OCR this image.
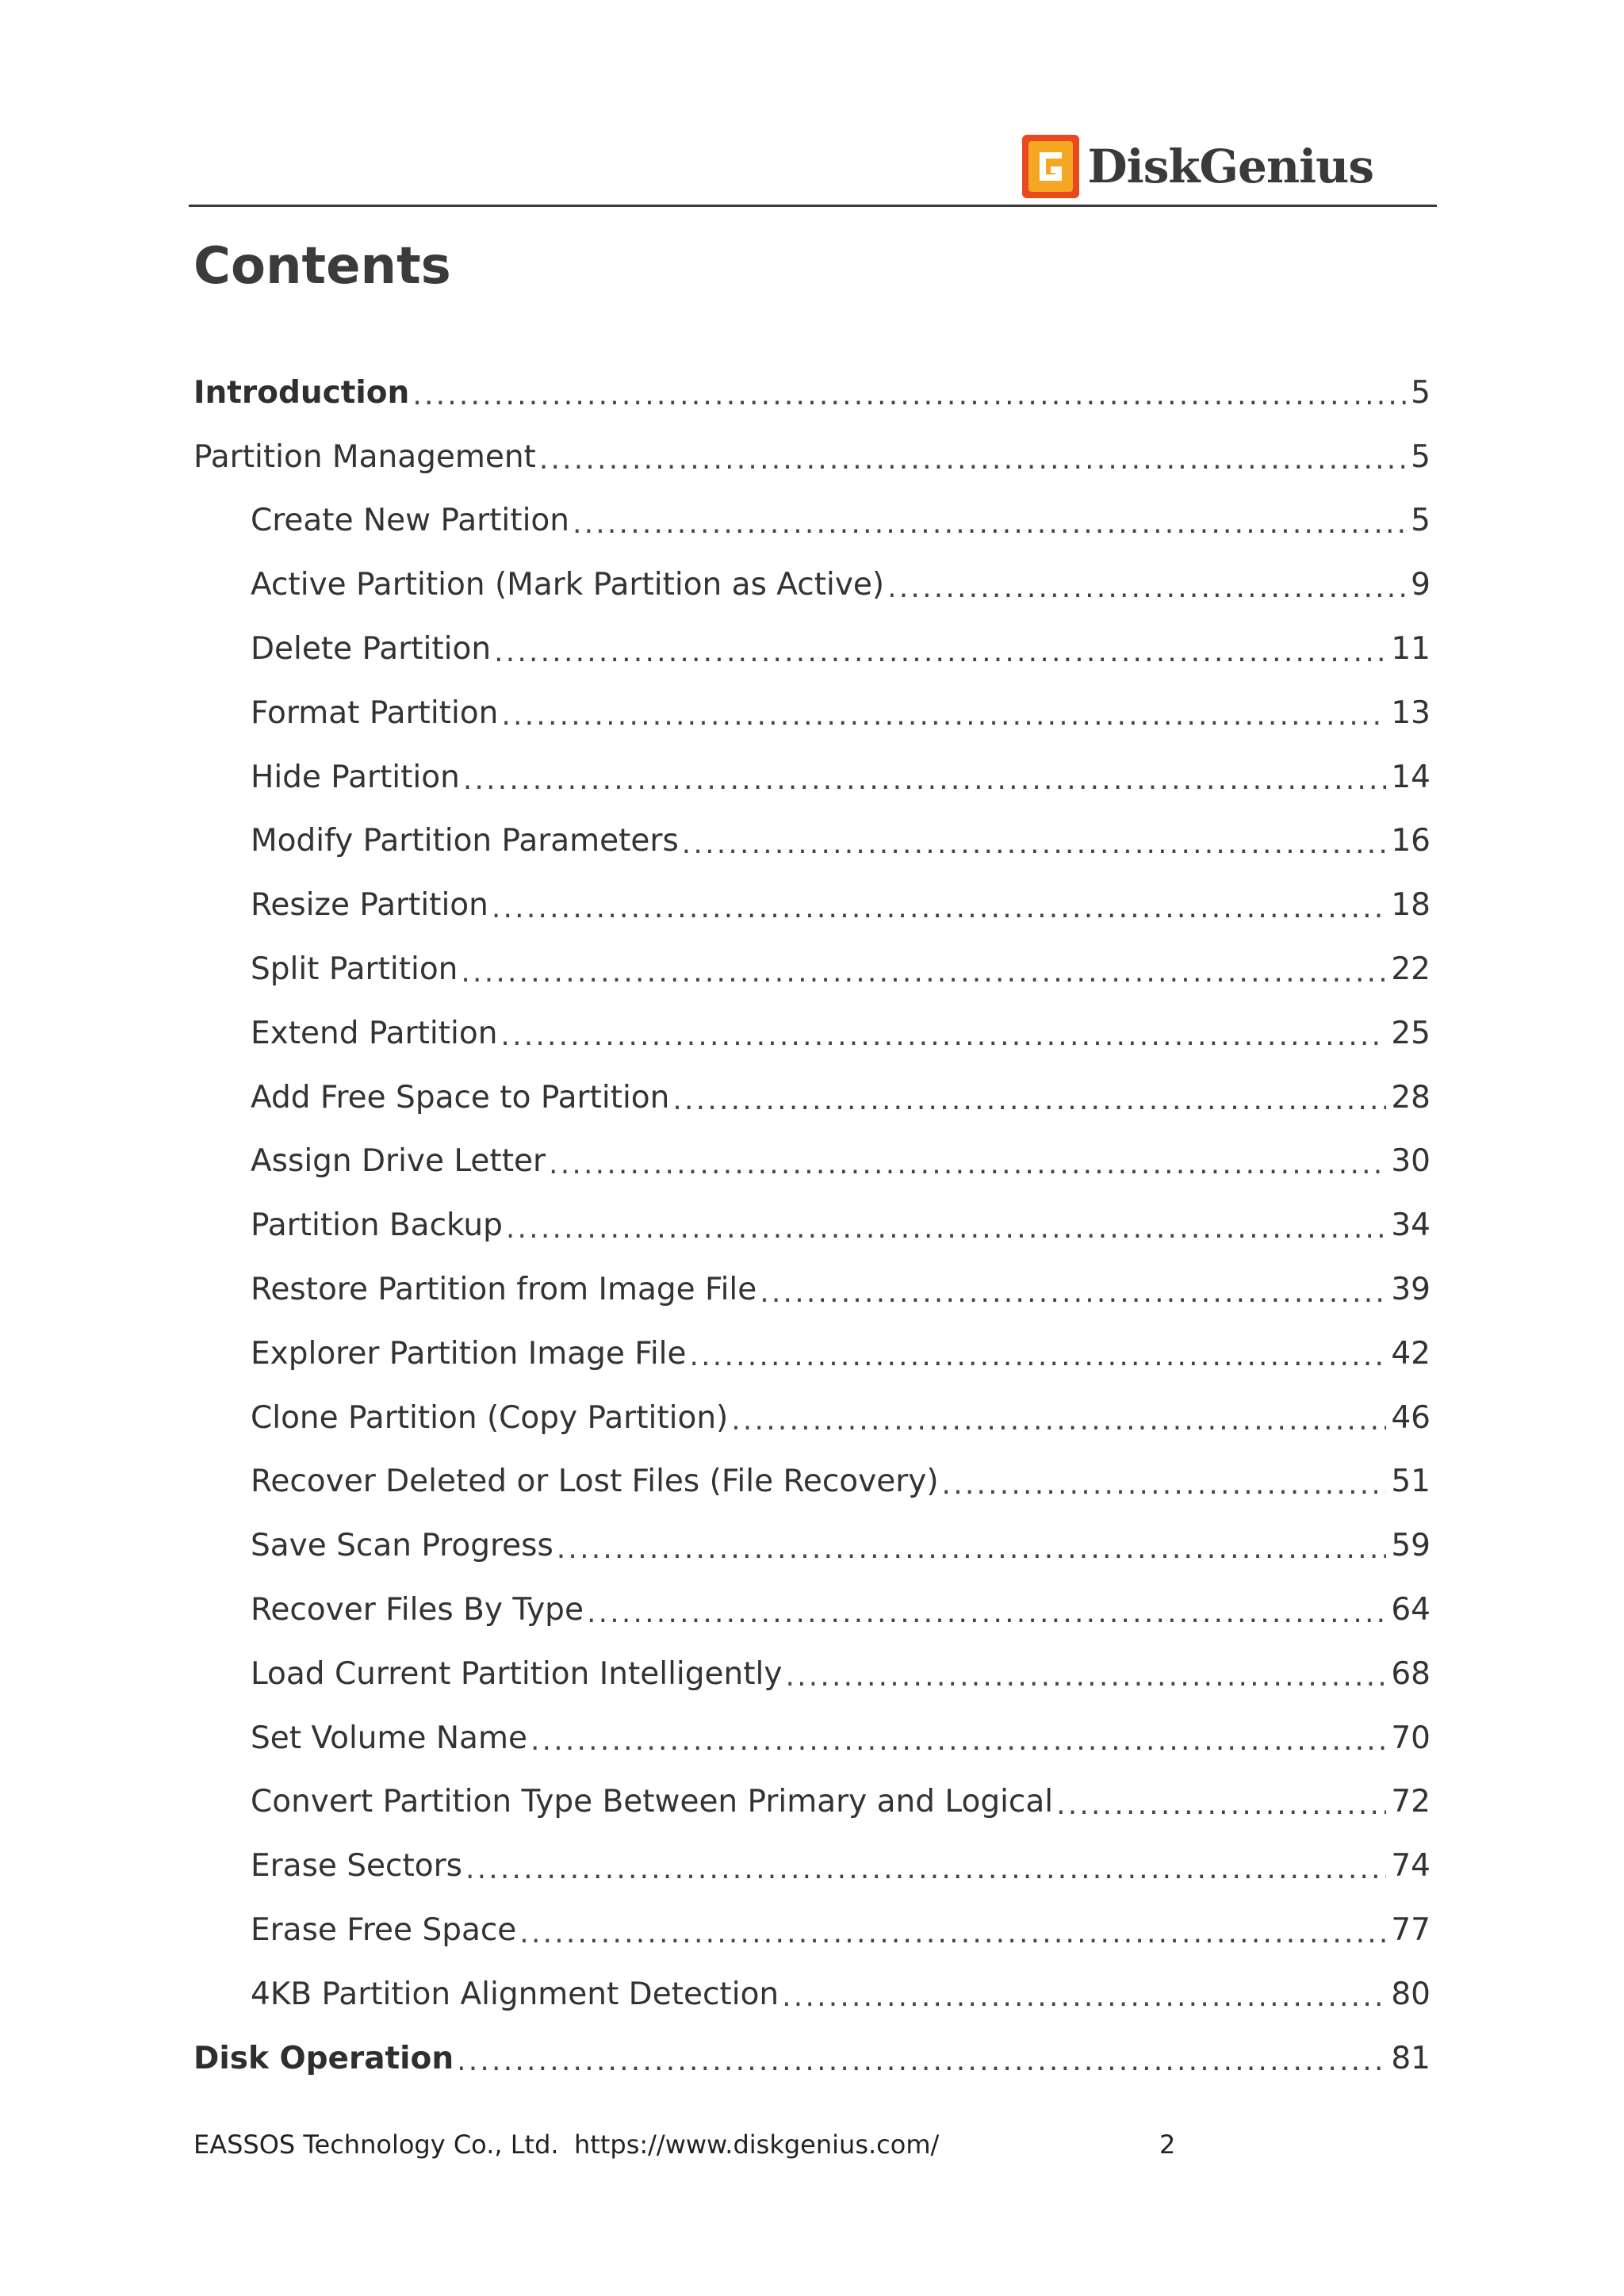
DiskGenius
Contents
Introduction .....	5
Partition Management .....	5
Create New Partition .....	5
Active Partition (Mark Partition as Active) .....	9
Delete Partition .....	11
Format Partition .....	13
Hide Partition .....	14
Modify Partition Parameters .....	16
Resize Partition .....	18
Split Partition .....	22
Extend Partition .....	25
Add Free Space to Partition .....	28
Assign Drive Letter .....	30
Partition Backup .....	34
Restore Partition from Image File .....	39
Explorer Partition Image File .....	42
Clone Partition (Copy Partition) .....	46
Recover Deleted or Lost Files (File Recovery) .....	51
Save Scan Progress .....	59
Recover Files By Type .....	64
Load Current Partition Intelligently .....	68
Set Volume Name .....	70
Convert Partition Type Between Primary and Logical .....	72
Erase Sectors .....	74
Erase Free Space .....	77
4KB Partition Alignment Detection .....	80
Disk Operation .....	81
EASSOS Technology Co., Ltd. https://www.diskgenius.com/	2
